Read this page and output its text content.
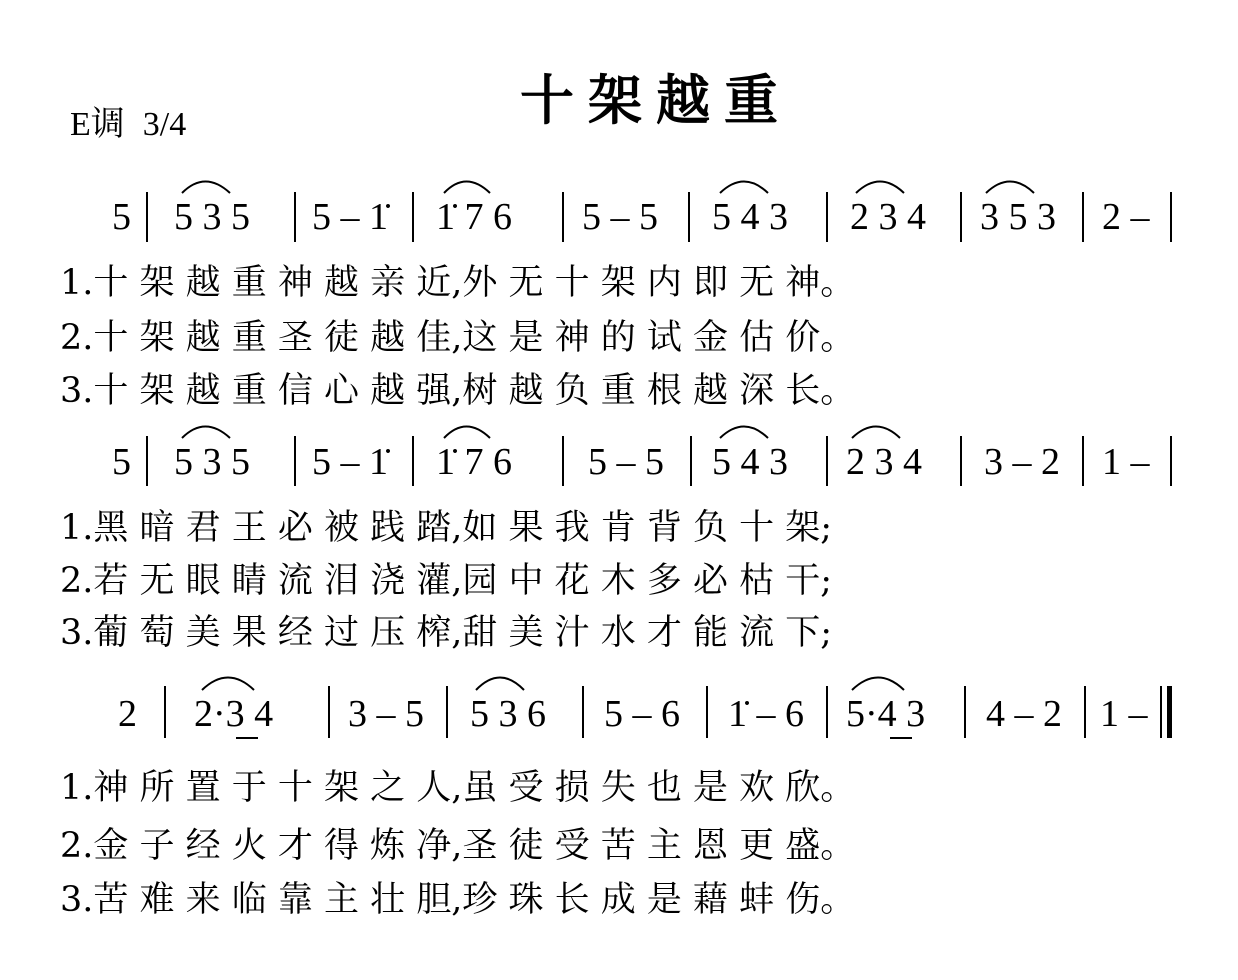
十架越重
E调 3/4
5 5 3 5 5 – 1̇ 1̇ 7 6 5 – 5 5 4 3 2 3 4 3 5 3 2 –
1.十 架 越 重 神 越 亲 近,外 无 十 架 内 即 无 神。
2.十 架 越 重 圣 徒 越 佳,这 是 神 的 试 金 估 价。
3.十 架 越 重 信 心 越 强,树 越 负 重 根 越 深 长。
5 5 3 5 5 – 1̇ 1̇ 7 6 5 – 5 5 4 3 2 3 4 3 – 2 1 –
1.黑 暗 君 王 必 被 践 踏,如 果 我 肯 背 负 十 架;
2.若 无 眼 睛 流 泪 浇 灌,园 中 花 木 多 必 枯 干;
3.葡 萄 美 果 经 过 压 榨,甜 美 汁 水 才 能 流 下;
2 2·3 4 3 – 5 5 3 6 5 – 6 1̇ – 6 5·4 3 4 – 2 1 –
1.神 所 置 于 十 架 之 人,虽 受 损 失 也 是 欢 欣。
2.金 子 经 火 才 得 炼 净,圣 徒 受 苦 主 恩 更 盛。
3.苦 难 来 临 靠 主 壮 胆,珍 珠 长 成 是 藉 蚌 伤。
